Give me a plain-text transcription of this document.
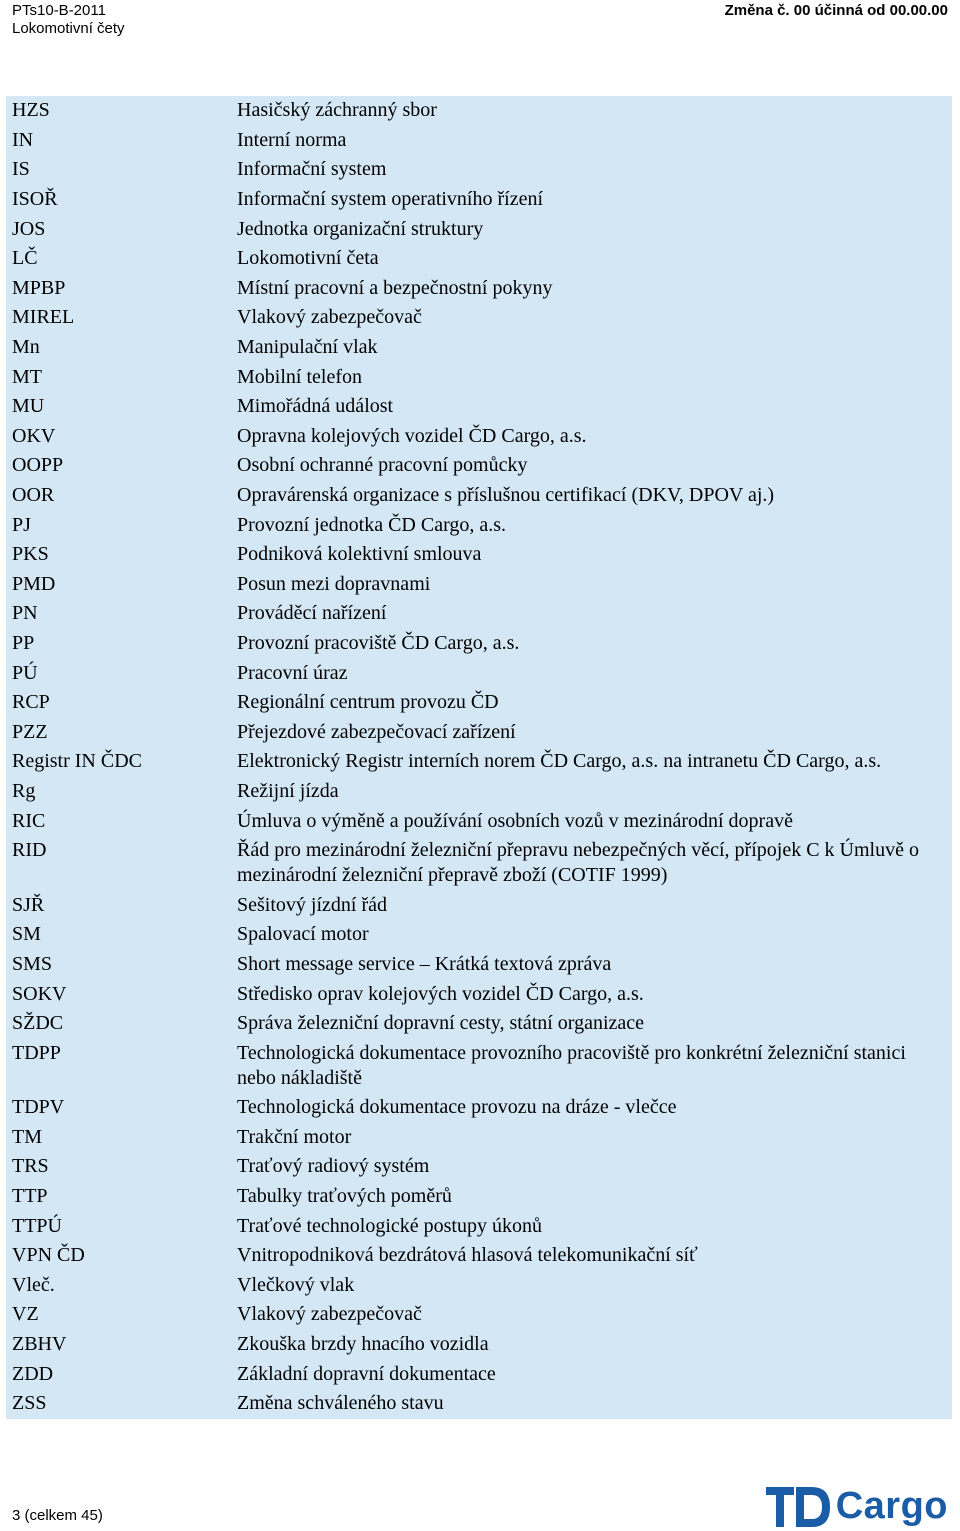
PTs10-B-2011
Lokomotivní čety
Změna č. 00 účinná od 00.00.00
HZS	Hasičský záchranný sbor
IN	Interní norma
IS	Informační system
ISOŘ	Informační system operativního řízení
JOS	Jednotka organizační struktury
LČ	Lokomotivní četa
MPBP	Místní pracovní a bezpečnostní pokyny
MIREL	Vlakový zabezpečovač
Mn	Manipulační vlak
MT	Mobilní telefon
MU	Mimořádná událost
OKV	Opravna kolejových vozidel ČD Cargo, a.s.
OOPP	Osobní ochranné pracovní pomůcky
OOR	Opravárenská organizace s příslušnou certifikací (DKV, DPOV aj.)
PJ	Provozní jednotka ČD Cargo, a.s.
PKS	Podniková kolektivní smlouva
PMD	Posun mezi dopravnami
PN	Prováděcí nařízení
PP	Provozní pracoviště ČD Cargo, a.s.
PÚ	Pracovní úraz
RCP	Regionální centrum provozu ČD
PZZ	Přejezdové zabezpečovací zařízení
Registr IN ČDC	Elektronický Registr interních norem ČD Cargo, a.s. na intranetu ČD Cargo, a.s.
Rg	Režijní jízda
RIC	Úmluva o výměně a používání osobních vozů v mezinárodní dopravě
RID	Řád pro mezinárodní železniční přepravu nebezpečných věcí, přípojek C k Úmluvě o mezinárodní železniční přepravě zboží (COTIF 1999)
SJŘ	Sešitový jízdní řád
SM	Spalovací motor
SMS	Short message service – Krátká textová zpráva
SOKV	Středisko oprav kolejových vozidel ČD Cargo, a.s.
SŽDC	Správa železniční dopravní cesty, státní organizace
TDPP	Technologická dokumentace provozního pracoviště pro konkrétní železniční stanici nebo nákladiště
TDPV	Technologická dokumentace provozu na dráze - vlečce
TM	Trakční motor
TRS	Traťový radiový systém
TTP	Tabulky traťových poměrů
TTPÚ	Traťové technologické postupy úkonů
VPN ČD	Vnitropodniková bezdrátová hlasová telekomunikační síť
Vleč.	Vlečkový vlak
VZ	Vlakový zabezpečovač
ZBHV	Zkouška brzdy hnacího vozidla
ZDD	Základní dopravní dokumentace
ZSS	Změna schváleného stavu
3 (celkem 45)	Cargo
